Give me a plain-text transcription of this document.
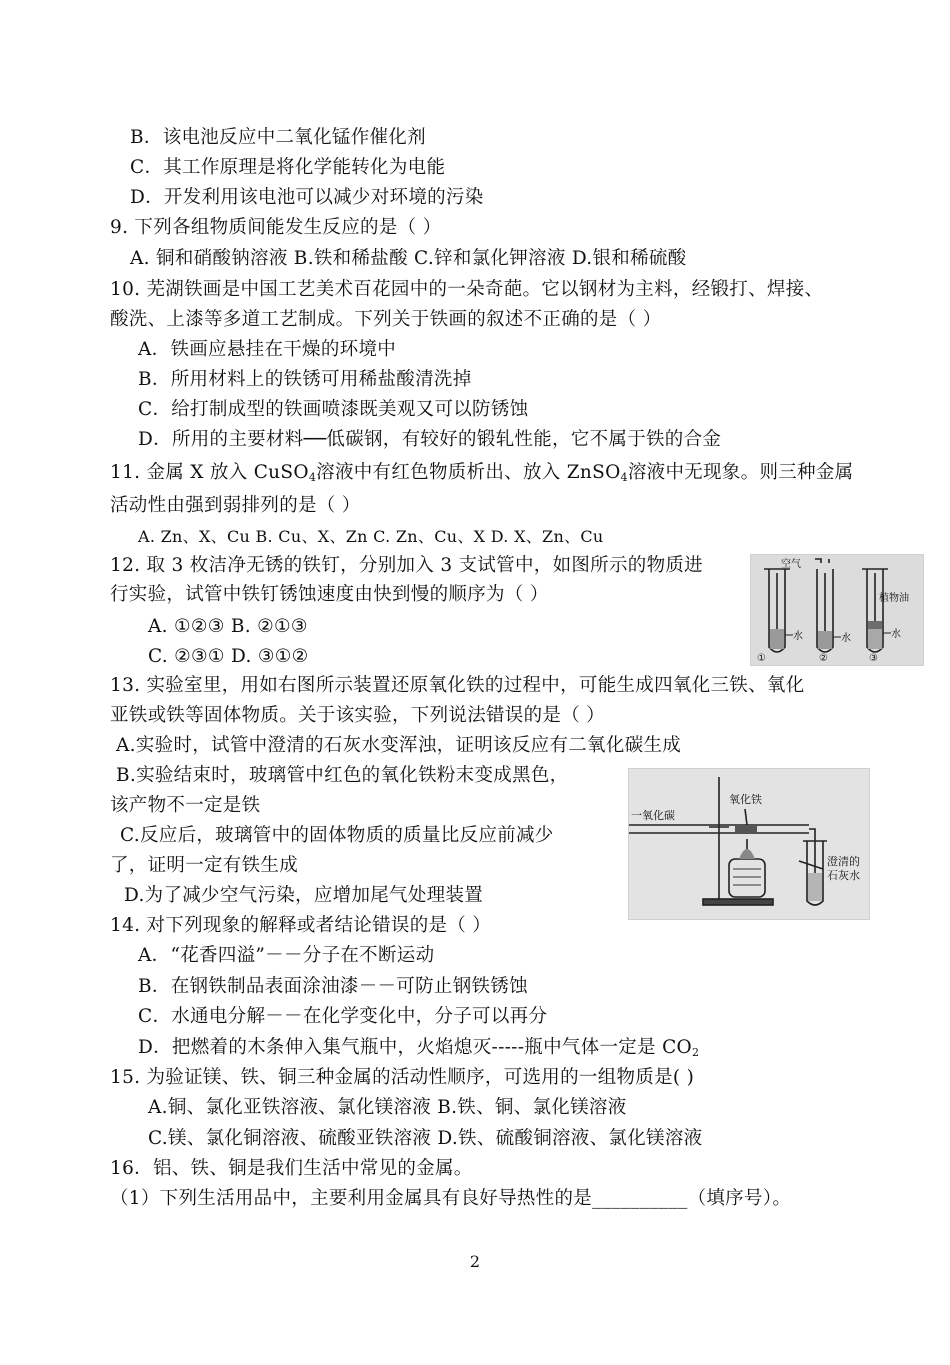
B．该电池反应中二氧化锰作催化剂
C．其工作原理是将化学能转化为电能
D．开发利用该电池可以减少对环境的污染
9. 下列各组物质间能发生反应的是（ ）
A. 铜和硝酸钠溶液 B.铁和稀盐酸 C.锌和氯化钾溶液 D.银和稀硫酸
10. 芜湖铁画是中国工艺美术百花园中的一朵奇葩。它以钢材为主料，经锻打、焊接、
酸洗、上漆等多道工艺制成。下列关于铁画的叙述不正确的是（ ）
A．铁画应悬挂在干燥的环境中
B．所用材料上的铁锈可用稀盐酸清洗掉
C．给打制成型的铁画喷漆既美观又可以防锈蚀
D．所用的主要材料──低碳钢，有较好的锻轧性能，它不属于铁的合金
11. 金属 X 放入 CuSO$_4$溶液中有红色物质析出、放入 ZnSO$_4$溶液中无现象。则三种金属
活动性由强到弱排列的是（ ）
A. Zn、X、Cu B. Cu、X、Zn C. Zn、Cu、X D. X、Zn、Cu
12. 取 3 枚洁净无锈的铁钉，分别加入 3 支试管中，如图所示的物质进
行实验，试管中铁钉锈蚀速度由快到慢的顺序为（ ）
A. ①②③ B. ②①③
C. ②③① D. ③①②
空气
植物油
水	水	水
①	②	③
13. 实验室里，用如右图所示装置还原氧化铁的过程中，可能生成四氧化三铁、氧化
亚铁或铁等固体物质。关于该实验，下列说法错误的是（ ）
A.实验时，试管中澄清的石灰水变浑浊，证明该反应有二氧化碳生成
B.实验结束时，玻璃管中红色的氧化铁粉末变成黑色，
该产物不一定是铁
C.反应后，玻璃管中的固体物质的质量比反应前减少
了，证明一定有铁生成
D.为了减少空气污染，应增加尾气处理装置
氧化铁
一氧化碳
澄清的
石灰水
14. 对下列现象的解释或者结论错误的是（ ）
A．“花香四溢”－－分子在不断运动
B．在钢铁制品表面涂油漆－－可防止钢铁锈蚀
C．水通电分解－－在化学变化中，分子可以再分
D．把燃着的木条伸入集气瓶中，火焰熄灭-----瓶中气体一定是 $CO_2$
15. 为验证镁、铁、铜三种金属的活动性顺序，可选用的一组物质是( )
A.铜、氯化亚铁溶液、氯化镁溶液 B.铁、铜、氯化镁溶液
C.镁、氯化铜溶液、硫酸亚铁溶液 D.铁、硫酸铜溶液、氯化镁溶液
16．铝、铁、铜是我们生活中常见的金属。
（1）下列生活用品中，主要利用金属具有良好导热性的是__________（填序号）。
2
